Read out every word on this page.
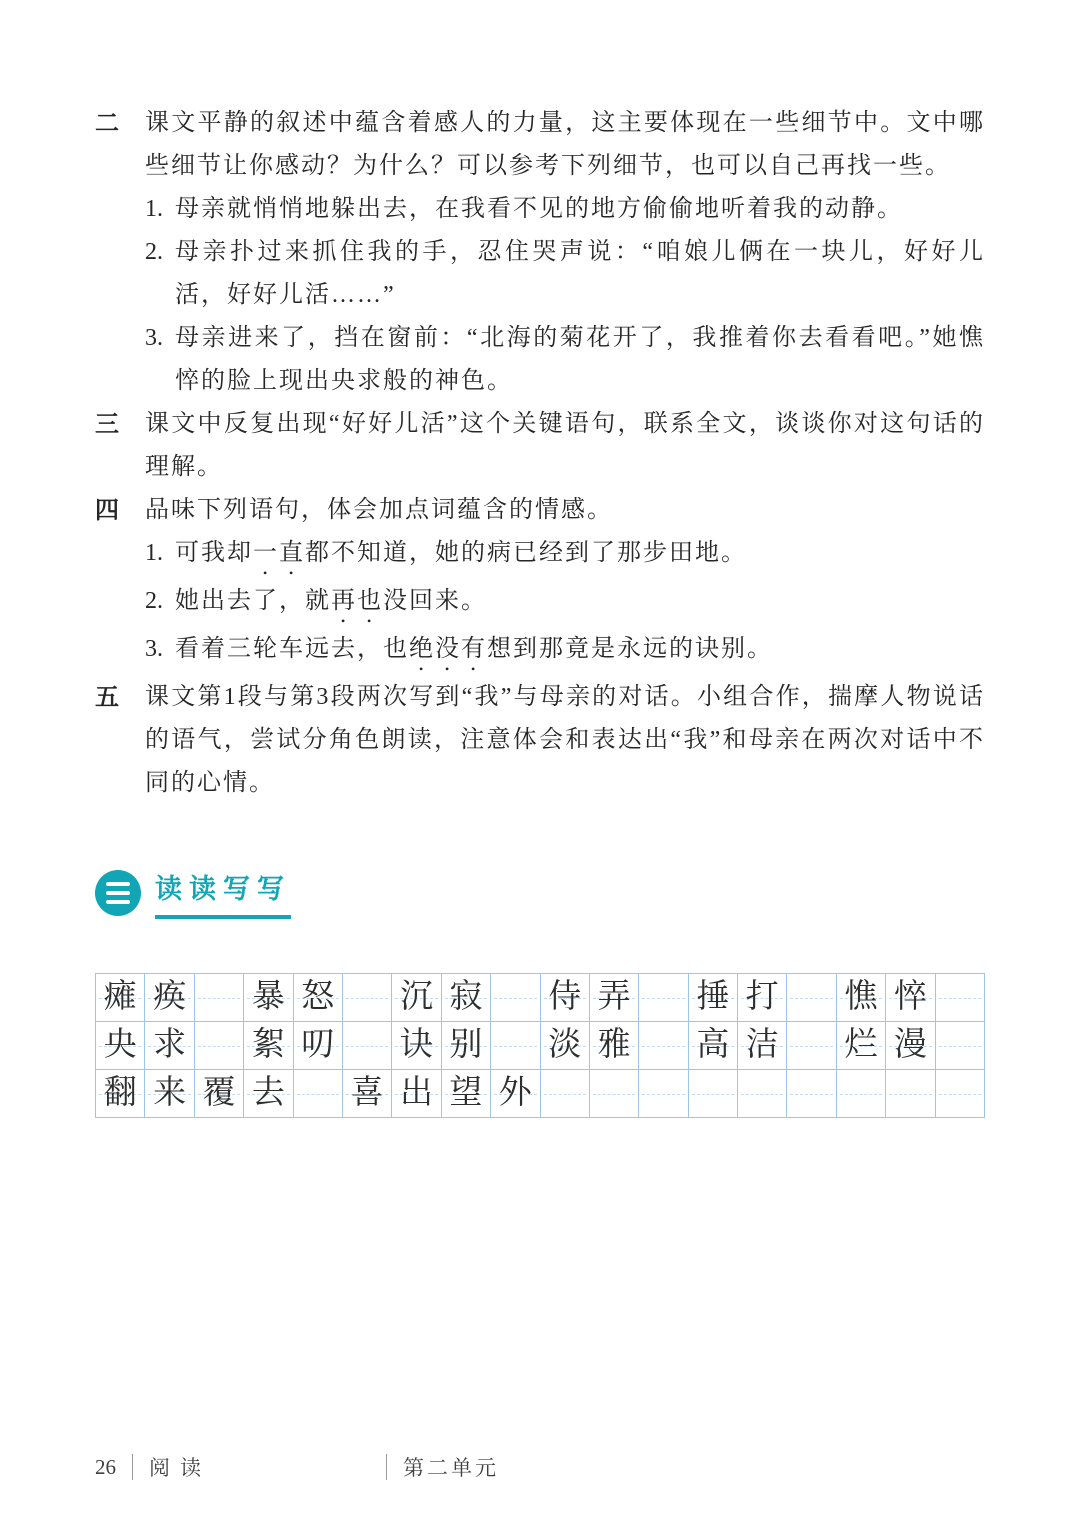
二	课文平静的叙述中蕴含着感人的力量，这主要体现在一些细节中。文中哪些细节让你感动？为什么？可以参考下列细节，也可以自己再找一些。
1. 母亲就悄悄地躲出去，在我看不见的地方偷偷地听着我的动静。
2. 母亲扑过来抓住我的手，忍住哭声说：“咱娘儿俩在一块儿，好好儿活，好好儿活……”
3. 母亲进来了，挡在窗前：“北海的菊花开了，我推着你去看看吧。”她憔悴的脸上现出央求般的神色。
三	课文中反复出现“好好儿活”这个关键语句，联系全文，谈谈你对这句话的理解。
四	品味下列语句，体会加点词蕴含的情感。
1. 可我却一直都不知道，她的病已经到了那步田地。
2. 她出去了，就再也没回来。
3. 看着三轮车远去，也绝没有想到那竟是永远的诀别。
五	课文第1段与第3段两次写到“我”与母亲的对话。小组合作，揣摩人物说话的语气，尝试分角色朗读，注意体会和表达出“我”和母亲在两次对话中不同的心情。
读读写写
瘫 痪 暴 怒 沉 寂 侍 弄 捶 打 憔 悴
央 求 絮 叨 诀 别 淡 雅 高 洁 烂 漫
翻 来 覆 去 喜 出 望 外
26 阅读	第二单元
